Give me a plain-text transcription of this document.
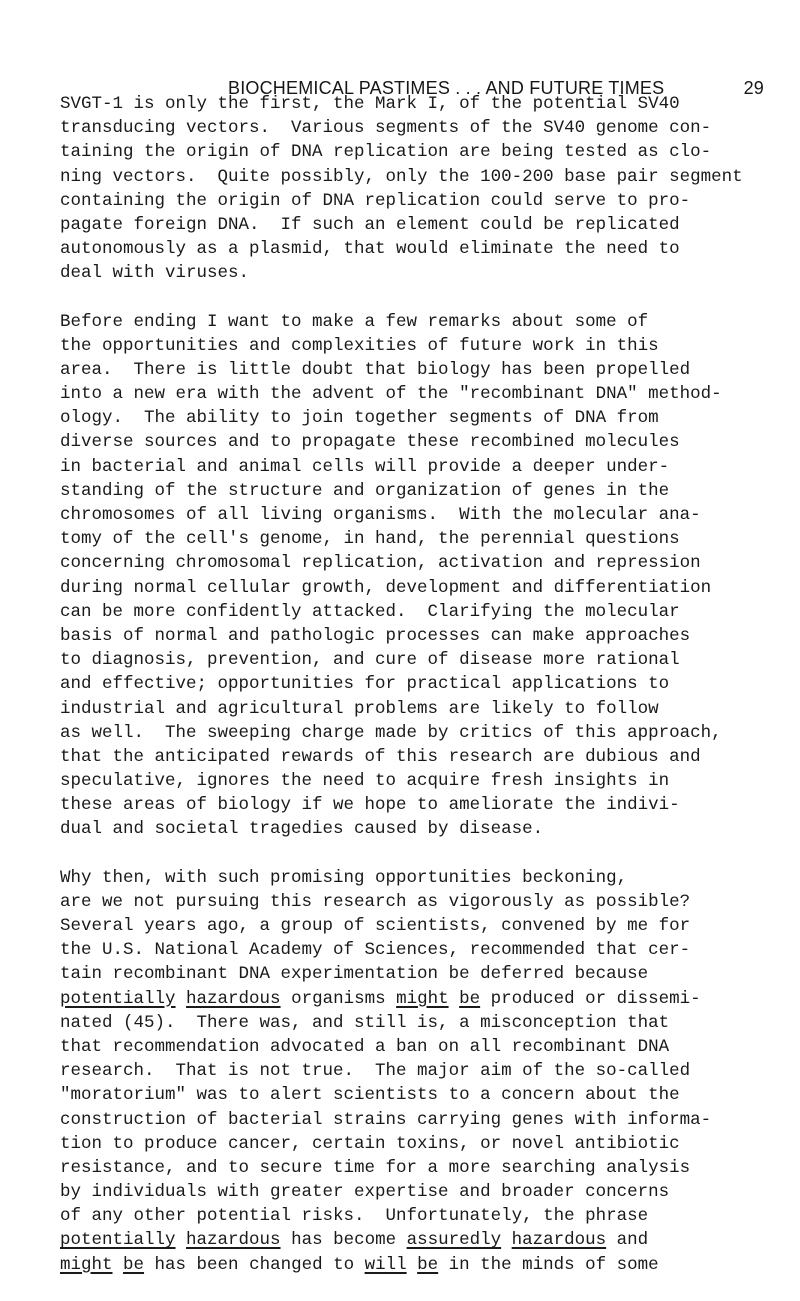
BIOCHEMICAL PASTIMES . . . AND FUTURE TIMES	29
SVGT-1 is only the first, the Mark I, of the potential SV40
transducing vectors.  Various segments of the SV40 genome con-
taining the origin of DNA replication are being tested as clo-
ning vectors.  Quite possibly, only the 100-200 base pair segment
containing the origin of DNA replication could serve to pro-
pagate foreign DNA.  If such an element could be replicated
autonomously as a plasmid, that would eliminate the need to
deal with viruses.
Before ending I want to make a few remarks about some of
the opportunities and complexities of future work in this
area.  There is little doubt that biology has been propelled
into a new era with the advent of the "recombinant DNA" method-
ology.  The ability to join together segments of DNA from
diverse sources and to propagate these recombined molecules
in bacterial and animal cells will provide a deeper under-
standing of the structure and organization of genes in the
chromosomes of all living organisms.  With the molecular ana-
tomy of the cell's genome, in hand, the perennial questions
concerning chromosomal replication, activation and repression
during normal cellular growth, development and differentiation
can be more confidently attacked.  Clarifying the molecular
basis of normal and pathologic processes can make approaches
to diagnosis, prevention, and cure of disease more rational
and effective; opportunities for practical applications to
industrial and agricultural problems are likely to follow
as well.  The sweeping charge made by critics of this approach,
that the anticipated rewards of this research are dubious and
speculative, ignores the need to acquire fresh insights in
these areas of biology if we hope to ameliorate the indivi-
dual and societal tragedies caused by disease.
Why then, with such promising opportunities beckoning,
are we not pursuing this research as vigorously as possible?
Several years ago, a group of scientists, convened by me for
the U.S. National Academy of Sciences, recommended that cer-
tain recombinant DNA experimentation be deferred because
potentially hazardous organisms might be produced or dissemi-
nated (45).  There was, and still is, a misconception that
that recommendation advocated a ban on all recombinant DNA
research.  That is not true.  The major aim of the so-called
"moratorium" was to alert scientists to a concern about the
construction of bacterial strains carrying genes with informa-
tion to produce cancer, certain toxins, or novel antibiotic
resistance, and to secure time for a more searching analysis
by individuals with greater expertise and broader concerns
of any other potential risks.  Unfortunately, the phrase
potentially hazardous has become assuredly hazardous and
might be has been changed to will be in the minds of some
